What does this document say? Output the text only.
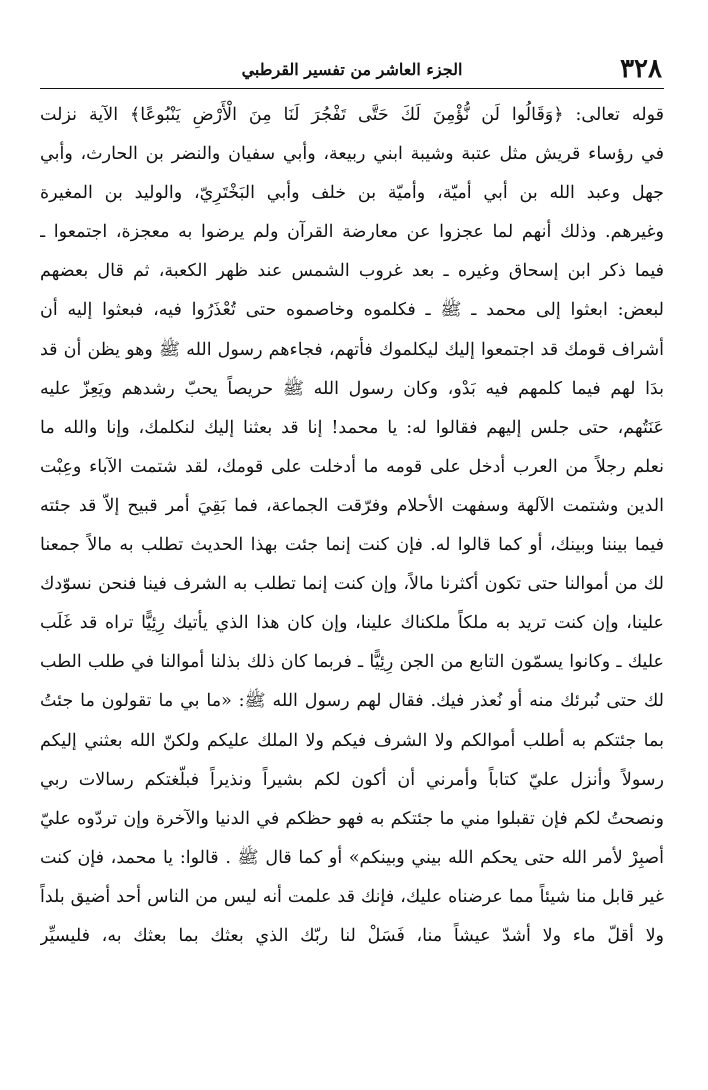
٣٢٨
الجزء العاشر من تفسير القرطبي
قوله تعالى: ﴿وَقَالُوا لَن نُّؤْمِنَ لَكَ حَتَّى تَفْجُرَ لَنَا مِنَ الْأَرْضِ يَنْبُوعًا﴾ الآية نزلت
في رؤساء قريش مثل عتبة وشيبة ابني ربيعة، وأبي سفيان والنضر بن الحارث، وأبي
جهل وعبد الله بن أبي أميّة، وأميّة بن خلف وأبي البَخْتَرِيّ، والوليد بن المغيرة
وغيرهم. وذلك أنهم لما عجزوا عن معارضة القرآن ولم يرضوا به معجزة، اجتمعوا ـ
فيما ذكر ابن إسحاق وغيره ـ بعد غروب الشمس عند ظهر الكعبة، ثم قال بعضهم
لبعض: ابعثوا إلى محمد ـ ﷺ ـ فكلموه وخاصموه حتى تُعْذَرُوا فيه، فبعثوا إليه أن
أشراف قومك قد اجتمعوا إليك ليكلموك فأتهم، فجاءهم رسول الله ﷺ وهو يظن أن قد
بدَا لهم فيما كلمهم فيه بَدْو، وكان رسول الله ﷺ حريصاً يحبّ رشدهم ويَعِزّ عليه
عَنَتُهم، حتى جلس إليهم فقالوا له: يا محمد! إنا قد بعثنا إليك لنكلمك، وإنا والله ما
نعلم رجلاً من العرب أدخل على قومه ما أدخلت على قومك، لقد شتمت الآباء وعِبْت
الدين وشتمت الآلهة وسفهت الأحلام وفرّقت الجماعة، فما بَقِيَ أمر قبيح إلاّ قد جئته
فيما بيننا وبينك، أو كما قالوا له. فإن كنت إنما جئت بهذا الحديث تطلب به مالاً جمعنا
لك من أموالنا حتى تكون أكثرنا مالاً، وإن كنت إنما تطلب به الشرف فينا فنحن نسوّدك
علينا، وإن كنت تريد به ملكاً ملكناك علينا، وإن كان هذا الذي يأتيك رِئِيًّا تراه قد غَلَب
عليك ـ وكانوا يسمّون التابع من الجن رِئِيًّا ـ فربما كان ذلك بذلنا أموالنا في طلب الطب
لك حتى نُبرئك منه أو نُعذر فيك. فقال لهم رسول الله ﷺ: «ما بي ما تقولون ما جئتُ
بما جئتكم به أطلب أموالكم ولا الشرف فيكم ولا الملك عليكم ولكنّ الله بعثني إليكم
رسولاً وأنزل عليّ كتاباً وأمرني أن أكون لكم بشيراً ونذيراً فبلّغتكم رسالات ربي
ونصحتُ لكم فإن تقبلوا مني ما جئتكم به فهو حظكم في الدنيا والآخرة وإن تردّوه عليّ
أصبِرْ لأمر الله حتى يحكم الله بيني وبينكم» أو كما قال ﷺ . قالوا: يا محمد، فإن كنت
غير قابل منا شيئاً مما عرضناه عليك، فإنك قد علمت أنه ليس من الناس أحد أضيق بلداً
ولا أقلّ ماء ولا أشدّ عيشاً منا، فَسَلْ لنا ربّك الذي بعثك بما بعثك به، فليسيِّر
